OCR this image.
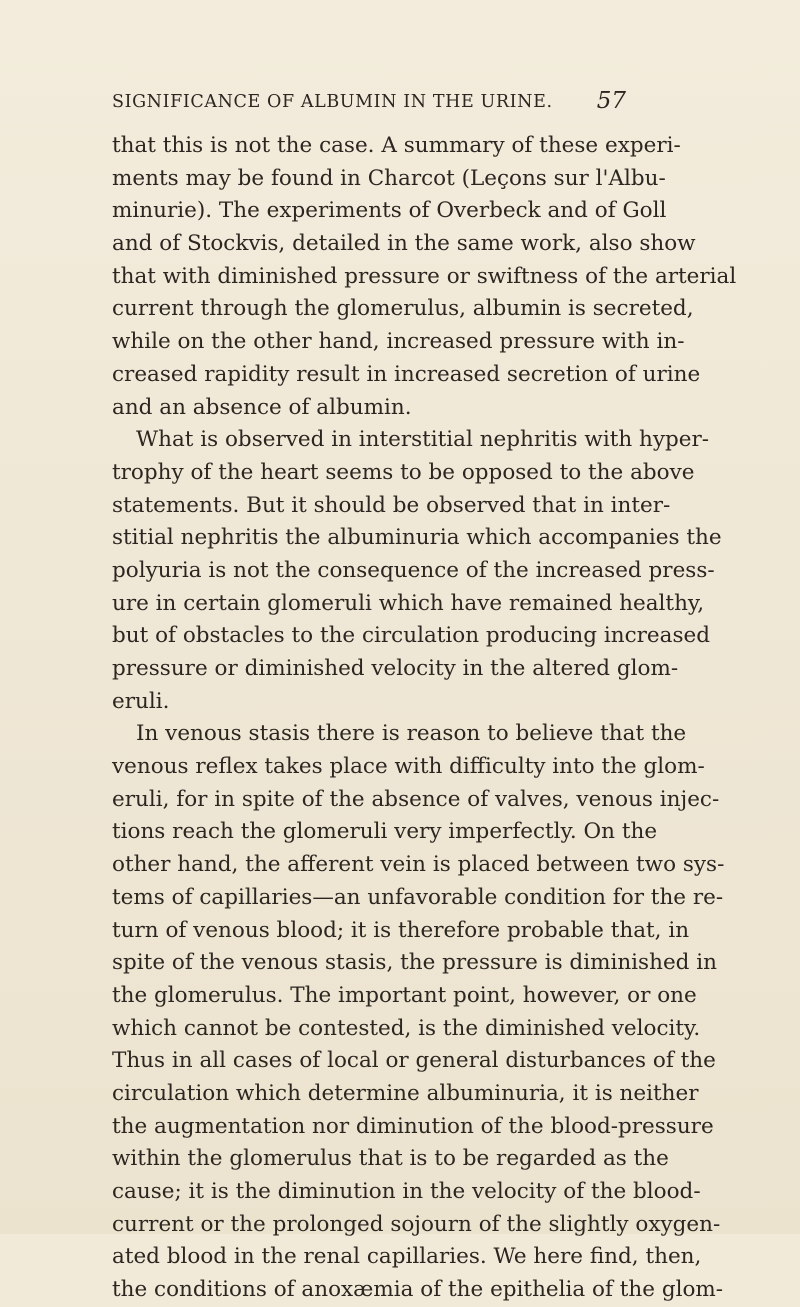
SIGNIFICANCE OF ALBUMIN IN THE URINE. 57
that this is not the case. A summary of these experi-
ments may be found in Charcot (Leçons sur l'Albu-
minurie). The experiments of Overbeck and of Goll
and of Stockvis, detailed in the same work, also show
that with diminished pressure or swiftness of the arterial
current through the glomerulus, albumin is secreted,
while on the other hand, increased pressure with in-
creased rapidity result in increased secretion of urine
and an absence of albumin.
What is observed in interstitial nephritis with hyper-
trophy of the heart seems to be opposed to the above
statements. But it should be observed that in inter-
stitial nephritis the albuminuria which accompanies the
polyuria is not the consequence of the increased press-
ure in certain glomeruli which have remained healthy,
but of obstacles to the circulation producing increased
pressure or diminished velocity in the altered glom-
eruli.
In venous stasis there is reason to believe that the
venous reflex takes place with difficulty into the glom-
eruli, for in spite of the absence of valves, venous injec-
tions reach the glomeruli very imperfectly. On the
other hand, the afferent vein is placed between two sys-
tems of capillaries—an unfavorable condition for the re-
turn of venous blood; it is therefore probable that, in
spite of the venous stasis, the pressure is diminished in
the glomerulus. The important point, however, or one
which cannot be contested, is the diminished velocity.
Thus in all cases of local or general disturbances of the
circulation which determine albuminuria, it is neither
the augmentation nor diminution of the blood-pressure
within the glomerulus that is to be regarded as the
cause; it is the diminution in the velocity of the blood-
current or the prolonged sojourn of the slightly oxygen-
ated blood in the renal capillaries. We here find, then,
the conditions of anoxæmia of the epithelia of the glom-
